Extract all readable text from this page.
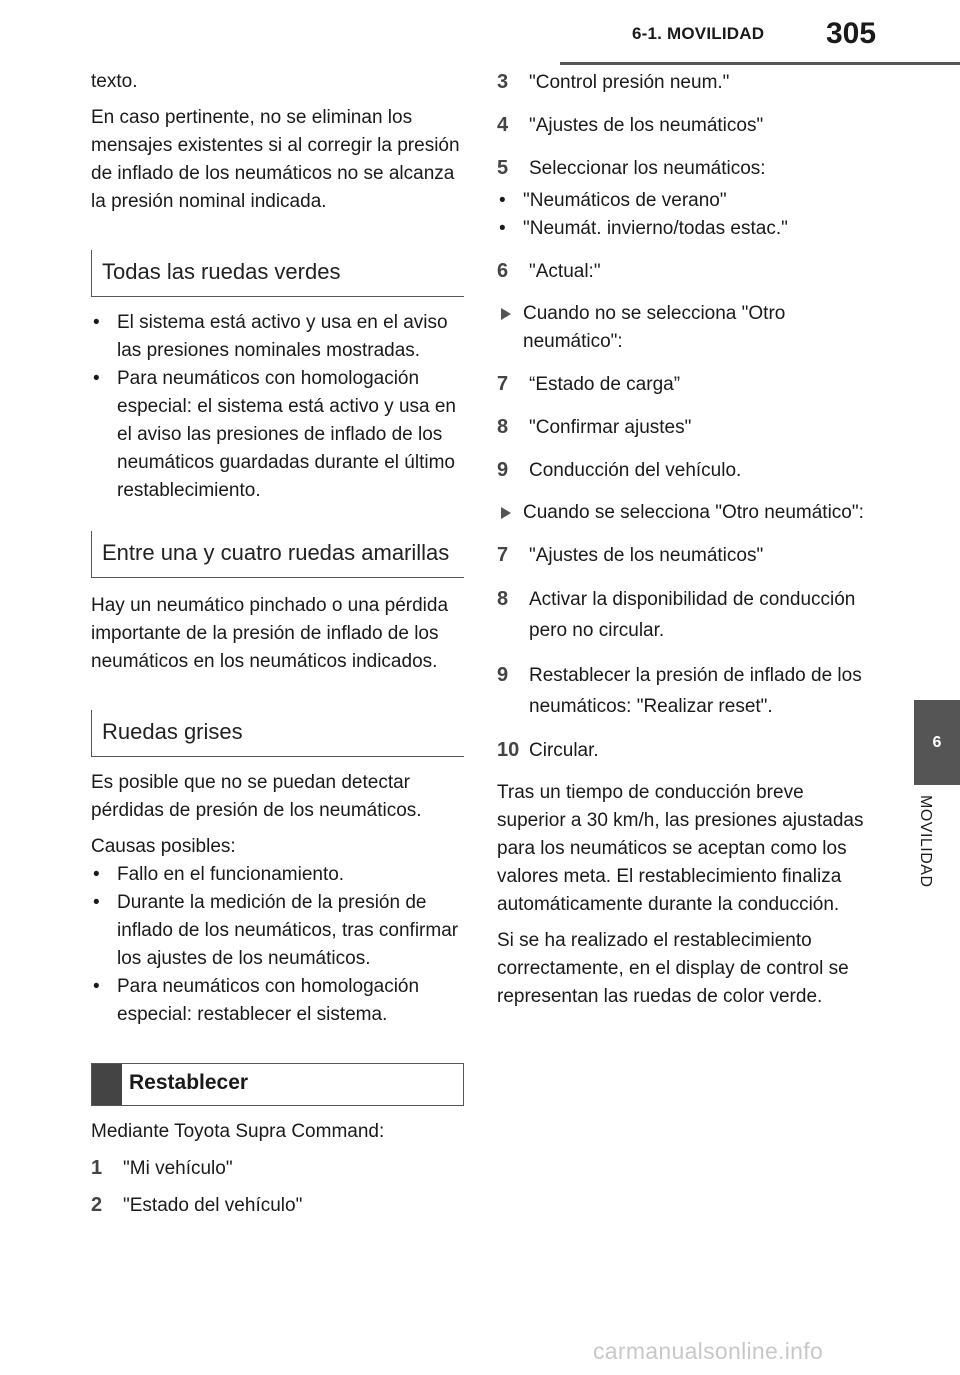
6-1. MOVILIDAD 305
6
MOVILIDAD

texto.

En caso pertinente, no se eliminan los mensajes existentes si al corregir la presión de inflado de los neumáticos no se alcanza la presión nominal indicada.

Todas las ruedas verdes
• El sistema está activo y usa en el aviso las presiones nominales mostradas.
• Para neumáticos con homologación especial: el sistema está activo y usa en el aviso las presiones de inflado de los neumáticos guardadas durante el último restablecimiento.
Entre una y cuatro ruedas amarillas

Hay un neumático pinchado o una pérdida importante de la presión de inflado de los neumáticos en los neumáticos indicados.

Ruedas grises

Es posible que no se puedan detectar pérdidas de presión de los neumáticos.

Causas posibles:

• Fallo en el funcionamiento.
• Durante la medición de la presión de inflado de los neumáticos, tras confirmar los ajustes de los neumáticos.
• Para neumáticos con homologación especial: restablecer el sistema.
Restablecer

Mediante Toyota Supra Command:

1	"Mi vehículo"
2	"Estado del vehículo"
3	"Control presión neum."
4	"Ajustes de los neumáticos"
5	Seleccionar los neumáticos:
• "Neumáticos de verano"
• "Neumát. invierno/todas estac."
6	"Actual:"
Cuando no se selecciona "Otro neumático":
7	“Estado de carga”
8	"Confirmar ajustes"
9	Conducción del vehículo.
Cuando se selecciona "Otro neumático":
7	"Ajustes de los neumáticos"
8	Activar la disponibilidad de conducción pero no circular.
9	Restablecer la presión de inflado de los neumáticos: "Realizar reset".
10 Circular.

Tras un tiempo de conducción breve superior a 30 km/h, las presiones ajustadas para los neumáticos se aceptan como los valores meta. El restablecimiento finaliza automáticamente durante la conducción.

Si se ha realizado el restablecimiento correctamente, en el display de control se representan las ruedas de color verde.

carmanualsonline.info
